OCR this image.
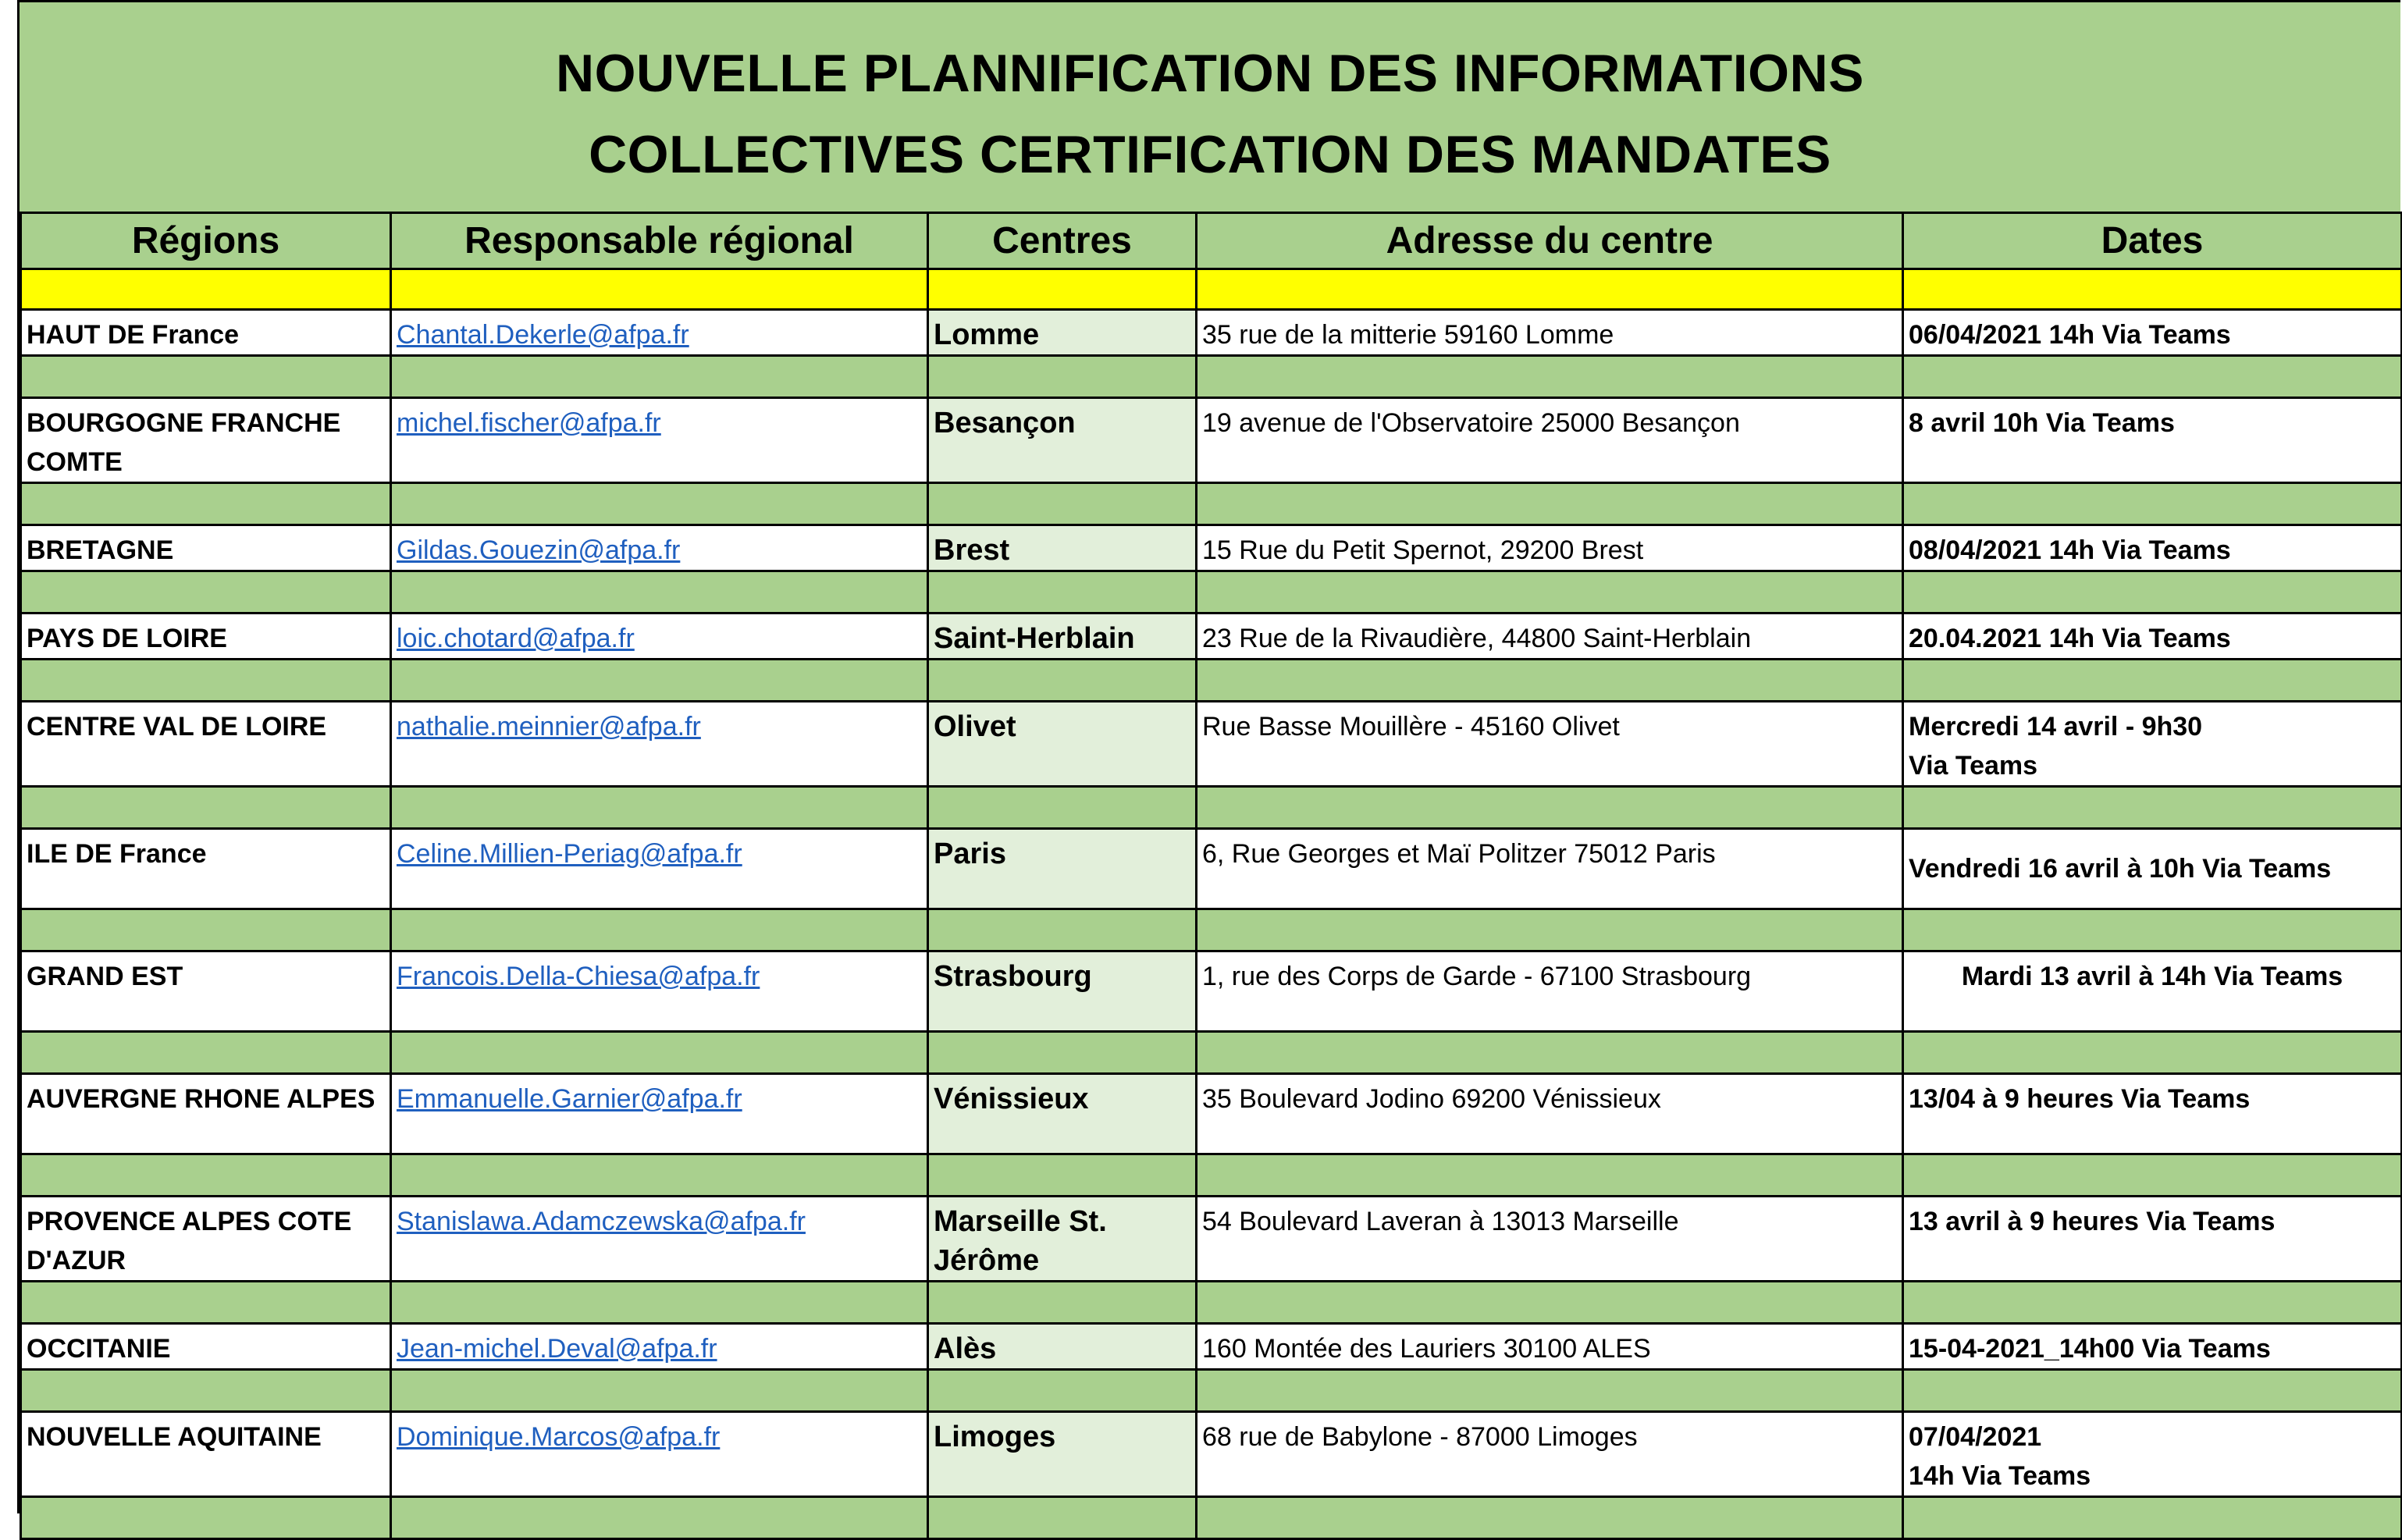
NOUVELLE PLANNIFICATION DES INFORMATIONS
COLLECTIVES CERTIFICATION DES MANDATES
Régions	Responsable régional	Centres	Adresse du centre	Dates

HAUT DE France	Chantal.Dekerle@afpa.fr	Lomme	35 rue de la mitterie 59160 Lomme	06/04/2021 14h Via Teams

BOURGOGNE FRANCHE COMTE	michel.fischer@afpa.fr	Besançon	19 avenue de l'Observatoire 25000 Besançon	8 avril 10h Via Teams

BRETAGNE	Gildas.Gouezin@afpa.fr	Brest	15 Rue du Petit Spernot, 29200 Brest	08/04/2021 14h Via Teams

PAYS DE LOIRE	loic.chotard@afpa.fr	Saint-Herblain	23 Rue de la Rivaudière, 44800 Saint-Herblain	20.04.2021 14h Via Teams

CENTRE VAL DE LOIRE	nathalie.meinnier@afpa.fr	Olivet	Rue Basse Mouillère - 45160 Olivet	Mercredi 14 avril - 9h30
Via Teams

ILE DE France	Celine.Millien-Periag@afpa.fr	Paris	6, Rue Georges et Maï Politzer 75012 Paris	Vendredi 16 avril à 10h Via Teams

GRAND EST	Francois.Della-Chiesa@afpa.fr	Strasbourg	1, rue des Corps de Garde - 67100 Strasbourg	Mardi 13 avril à 14h Via Teams

AUVERGNE RHONE ALPES	Emmanuelle.Garnier@afpa.fr	Vénissieux	35 Boulevard Jodino 69200 Vénissieux	13/04 à 9 heures Via Teams

PROVENCE ALPES COTE D'AZUR	Stanislawa.Adamczewska@afpa.fr	Marseille St. Jérôme	54 Boulevard Laveran à 13013 Marseille	13 avril à 9 heures Via Teams

OCCITANIE	Jean-michel.Deval@afpa.fr	Alès	160 Montée des Lauriers 30100 ALES	15-04-2021_14h00 Via Teams

NOUVELLE AQUITAINE	Dominique.Marcos@afpa.fr	Limoges	68 rue de Babylone - 87000 Limoges	07/04/2021
14h Via Teams
